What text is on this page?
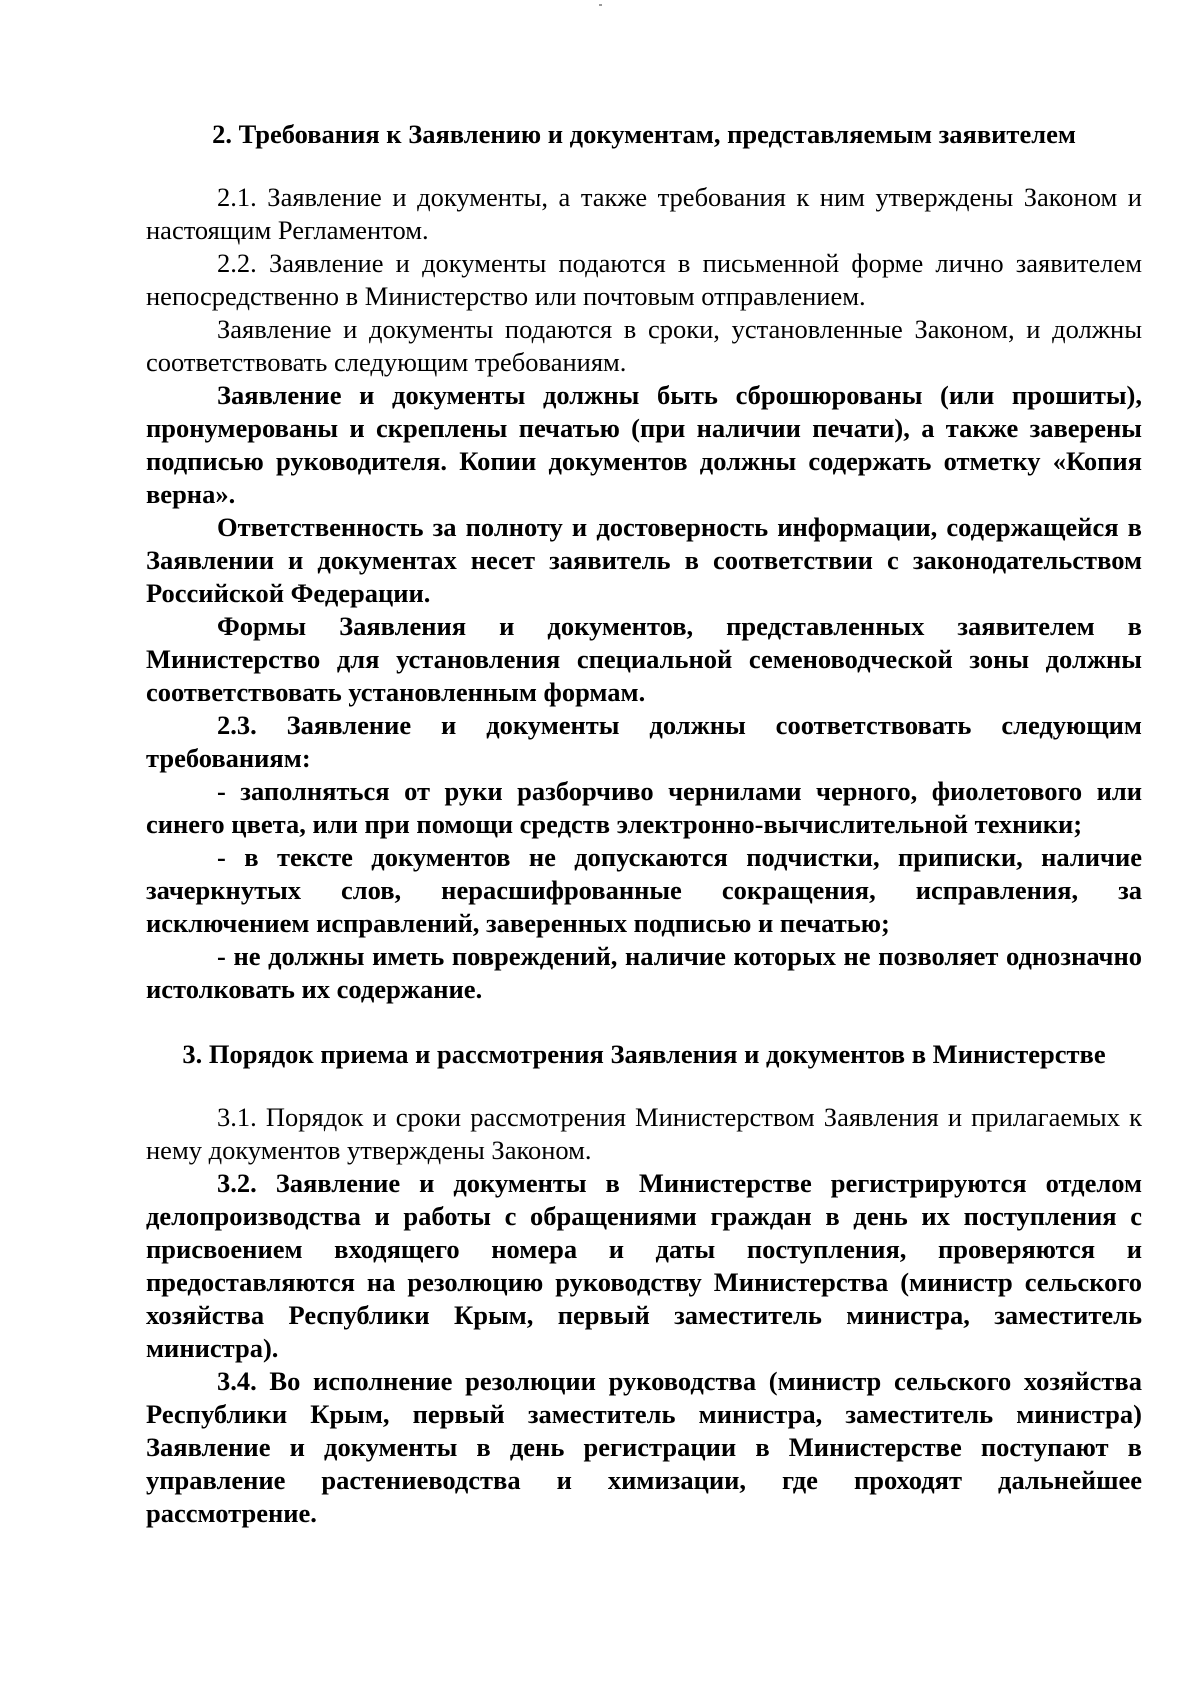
2. Требования к Заявлению и документам, представляемым заявителем

2.1. Заявление и документы, а также требования к ним утверждены Законом и настоящим Регламентом.

2.2. Заявление и документы подаются в письменной форме лично заявителем непосредственно в Министерство или почтовым отправлением.

Заявление и документы подаются в сроки, установленные Законом, и должны соответствовать следующим требованиям.

Заявление и документы должны быть сброшюрованы (или прошиты), пронумерованы и скреплены печатью (при наличии печати), а также заверены подписью руководителя. Копии документов должны содержать отметку «Копия верна».

Ответственность за полноту и достоверность информации, содержащейся в Заявлении и документах несет заявитель в соответствии с законодательством Российской Федерации.

Формы Заявления и документов, представленных заявителем в Министерство для установления специальной семеноводческой зоны должны соответствовать установленным формам.

2.3. Заявление и документы должны соответствовать следующим требованиям:

- заполняться от руки разборчиво чернилами черного, фиолетового или синего цвета, или при помощи средств электронно-вычислительной техники;

- в тексте документов не допускаются подчистки, приписки, наличие зачеркнутых слов, нерасшифрованные сокращения, исправления, за исключением исправлений, заверенных подписью и печатью;

- не должны иметь повреждений, наличие которых не позволяет однозначно истолковать их содержание.

3. Порядок приема и рассмотрения Заявления и документов в Министерстве

3.1. Порядок и сроки рассмотрения Министерством Заявления и прилагаемых к нему документов утверждены Законом.

3.2. Заявление и документы в Министерстве регистрируются отделом делопроизводства и работы с обращениями граждан в день их поступления с присвоением входящего номера и даты поступления, проверяются и предоставляются на резолюцию руководству Министерства (министр сельского хозяйства Республики Крым, первый заместитель министра, заместитель министра).

3.4. Во исполнение резолюции руководства (министр сельского хозяйства Республики Крым, первый заместитель министра, заместитель министра) Заявление и документы в день регистрации в Министерстве поступают в управление растениеводства и химизации, где проходят дальнейшее рассмотрение.
